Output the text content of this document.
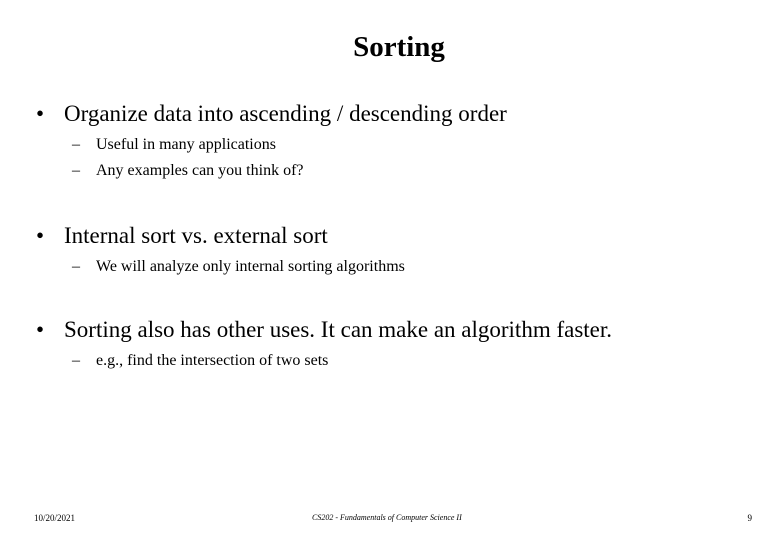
Sorting
• Organize data into ascending / descending order
– Useful in many applications
– Any examples can you think of?
• Internal sort vs. external sort
– We will analyze only internal sorting algorithms
• Sorting also has other uses. It can make an algorithm faster.
– e.g., find the intersection of two sets
10/20/2021	CS202 - Fundamentals of Computer Science II	9
